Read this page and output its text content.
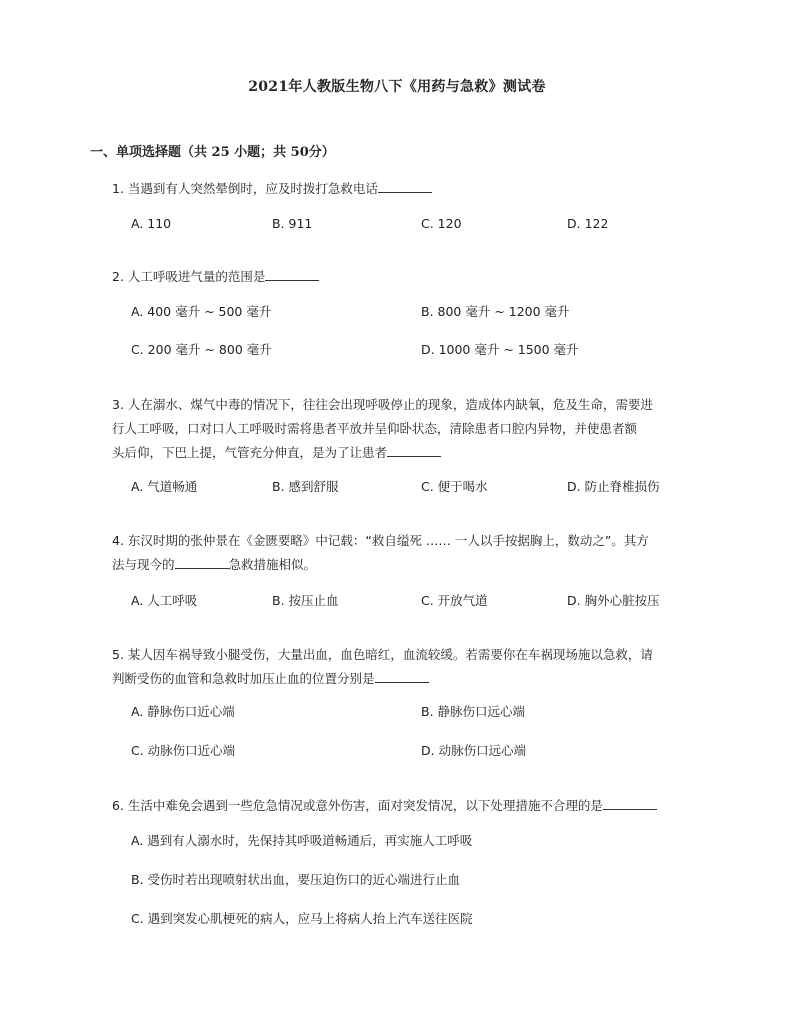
2021年人教版生物八下《用药与急救》测试卷
一、单项选择题（共 25 小题；共 50分）
1. 当遇到有人突然晕倒时，应及时拨打急救电话
A. 110	B. 911	C. 120	D. 122
2. 人工呼吸进气量的范围是
A. 400 毫升 ~ 500 毫升	B. 800 毫升 ~ 1200 毫升
C. 200 毫升 ~ 800 毫升	D. 1000 毫升 ~ 1500 毫升
3. 人在溺水、煤气中毒的情况下，往往会出现呼吸停止的现象，造成体内缺氧，危及生命，需要进
行人工呼吸，口对口人工呼吸时需将患者平放并呈仰卧状态，清除患者口腔内异物，并使患者额
头后仰，下巴上提，气管充分伸直，是为了让患者
A. 气道畅通	B. 感到舒服	C. 便于喝水	D. 防止脊椎损伤
4. 东汉时期的张仲景在《金匮要略》中记载：“救自缢死 …… 一人以手按据胸上，数动之”。其方
法与现今的	急救措施相似。
A. 人工呼吸	B. 按压止血	C. 开放气道	D. 胸外心脏按压
5. 某人因车祸导致小腿受伤，大量出血，血色暗红，血流较缓。若需要你在车祸现场施以急救，请
判断受伤的血管和急救时加压止血的位置分别是
A. 静脉伤口近心端	B. 静脉伤口远心端
C. 动脉伤口近心端	D. 动脉伤口远心端
6. 生活中难免会遇到一些危急情况或意外伤害，面对突发情况，以下处理措施不合理的是
A. 遇到有人溺水时，先保持其呼吸道畅通后，再实施人工呼吸
B. 受伤时若出现喷射状出血，要压迫伤口的近心端进行止血
C. 遇到突发心肌梗死的病人，应马上将病人抬上汽车送往医院
